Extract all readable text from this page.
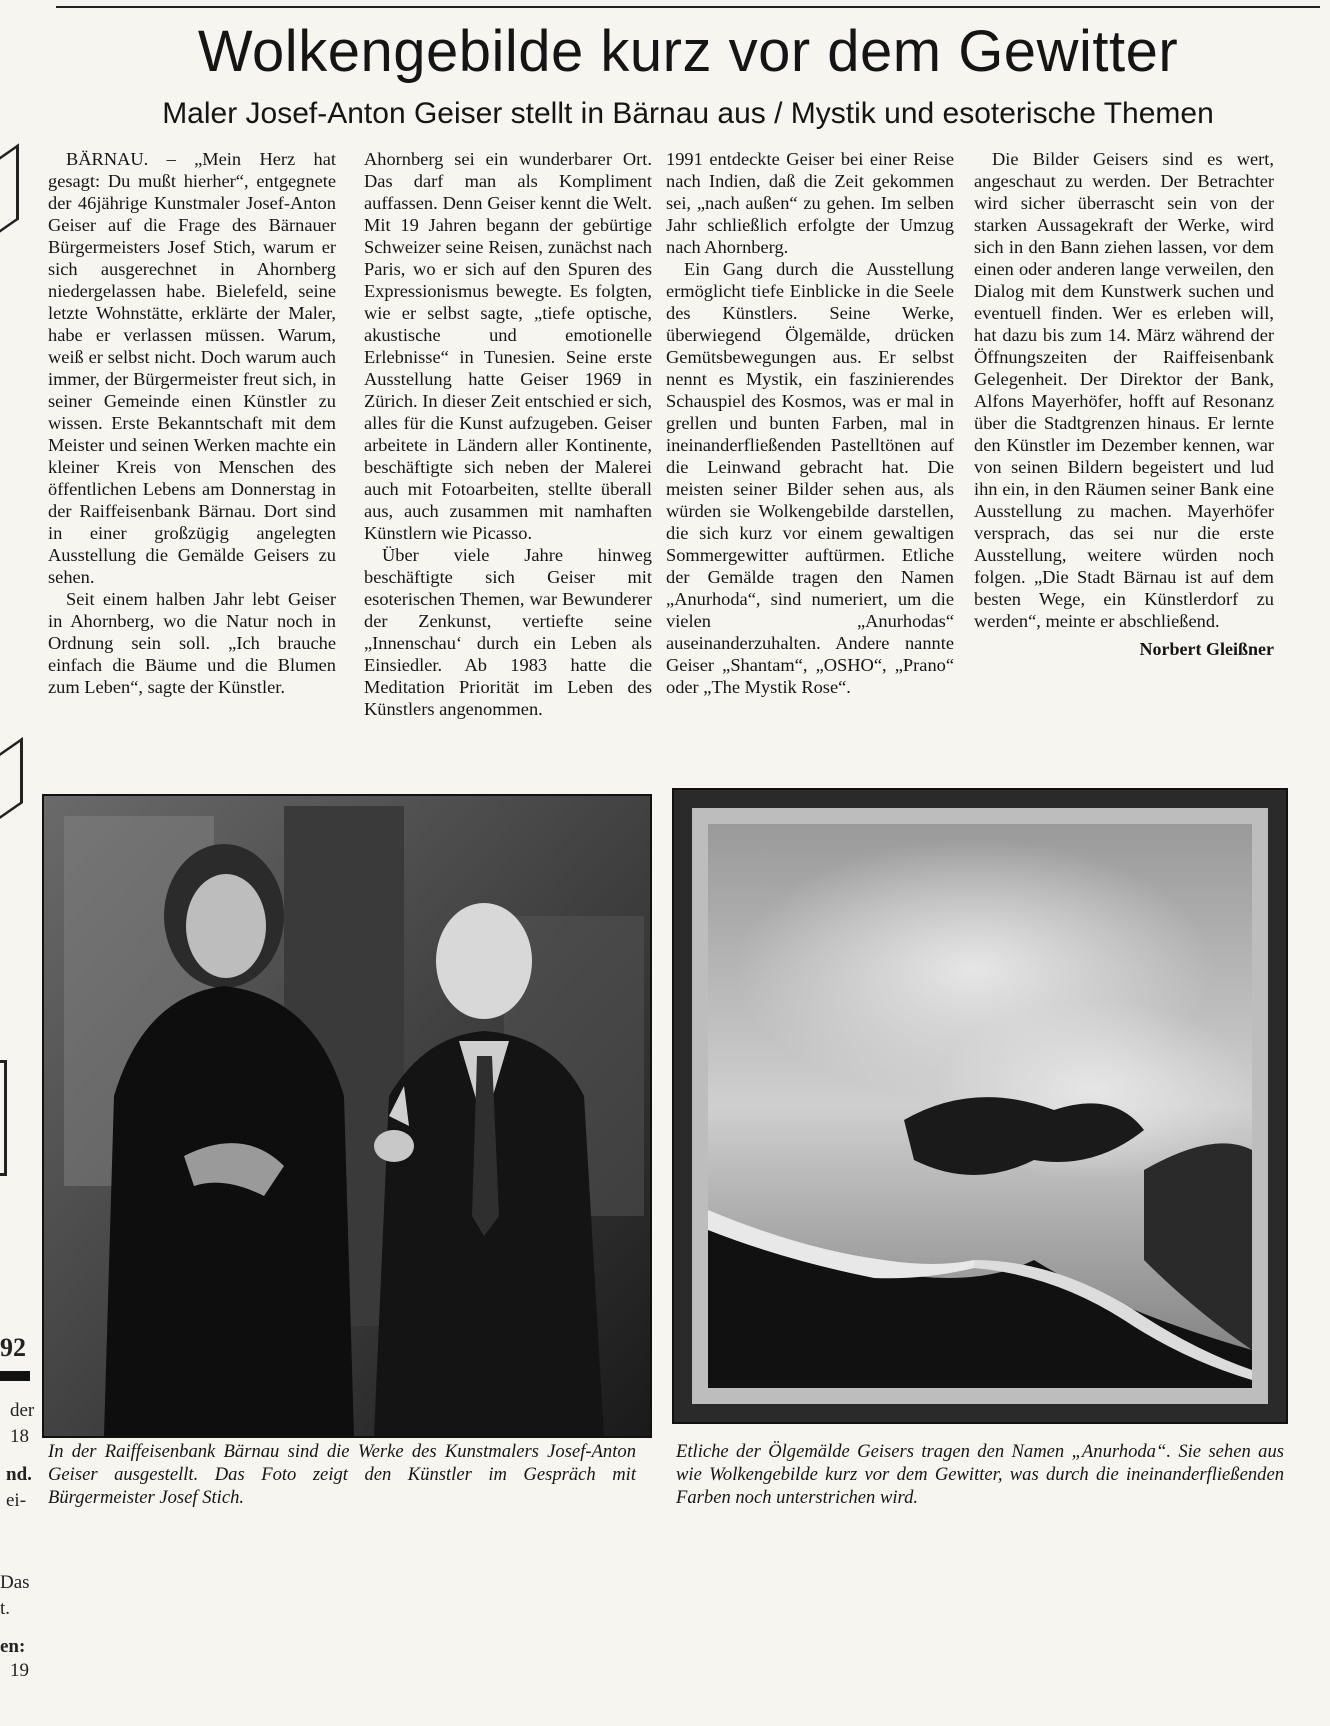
92
der
18
nd.
ei-
Das
t.
en:
19
Wolkengebilde kurz vor dem Gewitter
Maler Josef-Anton Geiser stellt in Bärnau aus / Mystik und esoterische Themen

BÄRNAU. – „Mein Herz hat gesagt: Du mußt hierher“, entgegnete der 46jährige Kunstmaler Josef-Anton Geiser auf die Frage des Bärnauer Bürgermeisters Josef Stich, warum er sich ausgerechnet in Ahornberg niedergelassen habe. Bielefeld, seine letzte Wohnstätte, erklärte der Maler, habe er verlassen müssen. Warum, weiß er selbst nicht. Doch warum auch immer, der Bürgermeister freut sich, in seiner Gemeinde einen Künstler zu wissen. Erste Bekanntschaft mit dem Meister und seinen Werken machte ein kleiner Kreis von Menschen des öffentlichen Lebens am Donnerstag in der Raiffeisenbank Bärnau. Dort sind in einer großzügig angelegten Ausstellung die Gemälde Geisers zu sehen.

Seit einem halben Jahr lebt Geiser in Ahornberg, wo die Natur noch in Ordnung sein soll. „Ich brauche einfach die Bäume und die Blumen zum Leben“, sagte der Künstler.

Ahornberg sei ein wunderbarer Ort. Das darf man als Kompliment auffassen. Denn Geiser kennt die Welt. Mit 19 Jahren begann der gebürtige Schweizer seine Reisen, zunächst nach Paris, wo er sich auf den Spuren des Expressionismus bewegte. Es folgten, wie er selbst sagte, „tiefe optische, akustische und emotionelle Erlebnisse“ in Tunesien. Seine erste Ausstellung hatte Geiser 1969 in Zürich. In dieser Zeit entschied er sich, alles für die Kunst aufzugeben. Geiser arbeitete in Ländern aller Kontinente, beschäftigte sich neben der Malerei auch mit Fotoarbeiten, stellte überall aus, auch zusammen mit namhaften Künstlern wie Picasso.

Über viele Jahre hinweg beschäftigte sich Geiser mit esoterischen Themen, war Bewunderer der Zenkunst, vertiefte seine „Innenschau‘ durch ein Leben als Einsiedler. Ab 1983 hatte die Meditation Priorität im Leben des Künstlers angenommen.

1991 entdeckte Geiser bei einer Reise nach Indien, daß die Zeit gekommen sei, „nach außen“ zu gehen. Im selben Jahr schließlich erfolgte der Umzug nach Ahornberg.

Ein Gang durch die Ausstellung ermöglicht tiefe Einblicke in die Seele des Künstlers. Seine Werke, überwiegend Ölgemälde, drücken Gemütsbewegungen aus. Er selbst nennt es Mystik, ein faszinierendes Schauspiel des Kosmos, was er mal in grellen und bunten Farben, mal in ineinanderfließenden Pastelltönen auf die Leinwand gebracht hat. Die meisten seiner Bilder sehen aus, als würden sie Wolkengebilde darstellen, die sich kurz vor einem gewaltigen Sommergewitter auftürmen. Etliche der Gemälde tragen den Namen „Anurhoda“, sind numeriert, um die vielen „Anurhodas“ auseinanderzuhalten. Andere nannte Geiser „Shantam“, „OSHO“, „Prano“ oder „The Mystik Rose“.

Die Bilder Geisers sind es wert, angeschaut zu werden. Der Betrachter wird sicher überrascht sein von der starken Aussagekraft der Werke, wird sich in den Bann ziehen lassen, vor dem einen oder anderen lange verweilen, den Dialog mit dem Kunstwerk suchen und eventuell finden. Wer es erleben will, hat dazu bis zum 14. März während der Öffnungszeiten der Raiffeisenbank Gelegenheit. Der Direktor der Bank, Alfons Mayerhöfer, hofft auf Resonanz über die Stadtgrenzen hinaus. Er lernte den Künstler im Dezember kennen, war von seinen Bildern begeistert und lud ihn ein, in den Räumen seiner Bank eine Ausstellung zu machen. Mayerhöfer versprach, das sei nur die erste Ausstellung, weitere würden noch folgen. „Die Stadt Bärnau ist auf dem besten Wege, ein Künstlerdorf zu werden“, meinte er abschließend.

Norbert Gleißner
In der Raiffeisenbank Bärnau sind die Werke des Kunstmalers Josef-Anton Geiser ausgestellt. Das Foto zeigt den Künstler im Gespräch mit Bürgermeister Josef Stich.
Etliche der Ölgemälde Geisers tragen den Namen „Anurhoda“. Sie sehen aus wie Wolkengebilde kurz vor dem Gewitter, was durch die ineinanderfließenden Farben noch unterstrichen wird.
